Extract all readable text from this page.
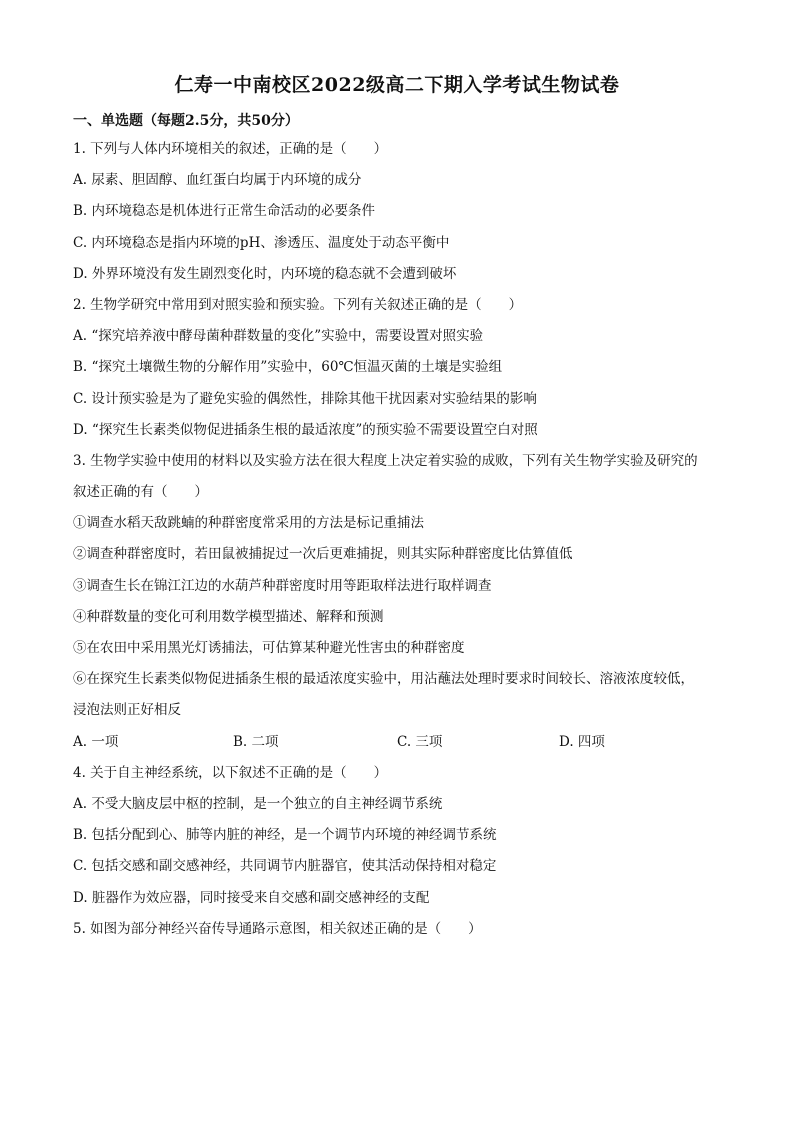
仁寿一中南校区2022级高二下期入学考试生物试卷
一、单选题（每题2.5分，共50分）
1. 下列与人体内环境相关的叙述，正确的是（　　）
A. 尿素、胆固醇、血红蛋白均属于内环境的成分
B. 内环境稳态是机体进行正常生命活动的必要条件
C. 内环境稳态是指内环境的pH、渗透压、温度处于动态平衡中
D. 外界环境没有发生剧烈变化时，内环境的稳态就不会遭到破坏
2. 生物学研究中常用到对照实验和预实验。下列有关叙述正确的是（　　）
A. “探究培养液中酵母菌种群数量的变化”实验中，需要设置对照实验
B. “探究土壤微生物的分解作用”实验中，60℃恒温灭菌的土壤是实验组
C. 设计预实验是为了避免实验的偶然性，排除其他干扰因素对实验结果的影响
D. “探究生长素类似物促进插条生根的最适浓度”的预实验不需要设置空白对照
3. 生物学实验中使用的材料以及实验方法在很大程度上决定着实验的成败，下列有关生物学实验及研究的
叙述正确的有（　　）
①调查水稻天敌跳蝻的种群密度常采用的方法是标记重捕法
②调查种群密度时，若田鼠被捕捉过一次后更难捕捉，则其实际种群密度比估算值低
③调查生长在锦江江边的水葫芦种群密度时用等距取样法进行取样调查
④种群数量的变化可利用数学模型描述、解释和预测
⑤在农田中采用黑光灯诱捕法，可估算某种避光性害虫的种群密度
⑥在探究生长素类似物促进插条生根的最适浓度实验中，用沾蘸法处理时要求时间较长、溶液浓度较低，
浸泡法则正好相反
A. 一项	B. 二项	C. 三项	D. 四项
4. 关于自主神经系统，以下叙述不正确的是（　　）
A. 不受大脑皮层中枢的控制，是一个独立的自主神经调节系统
B. 包括分配到心、肺等内脏的神经，是一个调节内环境的神经调节系统
C. 包括交感和副交感神经，共同调节内脏器官，使其活动保持相对稳定
D. 脏器作为效应器，同时接受来自交感和副交感神经的支配
5. 如图为部分神经兴奋传导通路示意图，相关叙述正确的是（　　）
